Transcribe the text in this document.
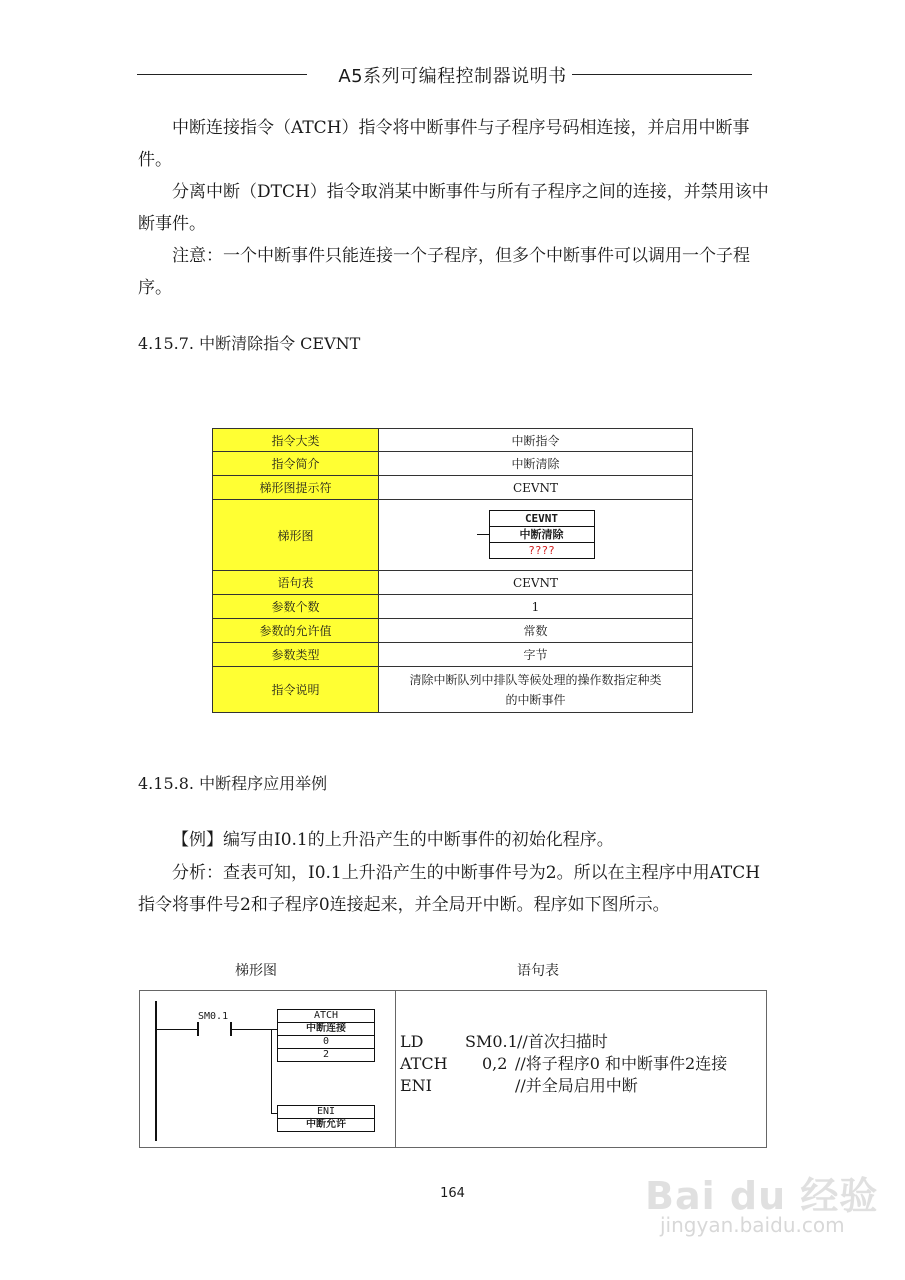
A5系列可编程控制器说明书

中断连接指令（ATCH）指令将中断事件与子程序号码相连接，并启用中断事件。

分离中断（DTCH）指令取消某中断事件与所有子程序之间的连接，并禁用该中断事件。

注意：一个中断事件只能连接一个子程序，但多个中断事件可以调用一个子程序。

4.15.7. 中断清除指令 CEVNT
指令大类	中断指令
指令简介	中断清除
梯形图提示符	CEVNT
梯形图	CEVNT
中断清除
????

语句表	CEVNT
参数个数	1
参数的允许值	常数
参数类型	字节
指令说明	清除中断队列中排队等候处理的操作数指定种类
的中断事件
4.15.8. 中断程序应用举例

【例】编写由I0.1的上升沿产生的中断事件的初始化程序。

分析：查表可知，I0.1上升沿产生的中断事件号为2。所以在主程序中用ATCH指令将事件号2和子程序0连接起来，并全局开中断。程序如下图所示。

梯形图	语句表
SM0.1	ATCH
中断连接
0
2
ENI
中断允许
LD	SM0.1 //首次扫描时
ATCH 0,2 //将子程序0 和中断事件2连接
ENI	//并全局启用中断
164	Bai du 经验
jingyan.baidu.com
